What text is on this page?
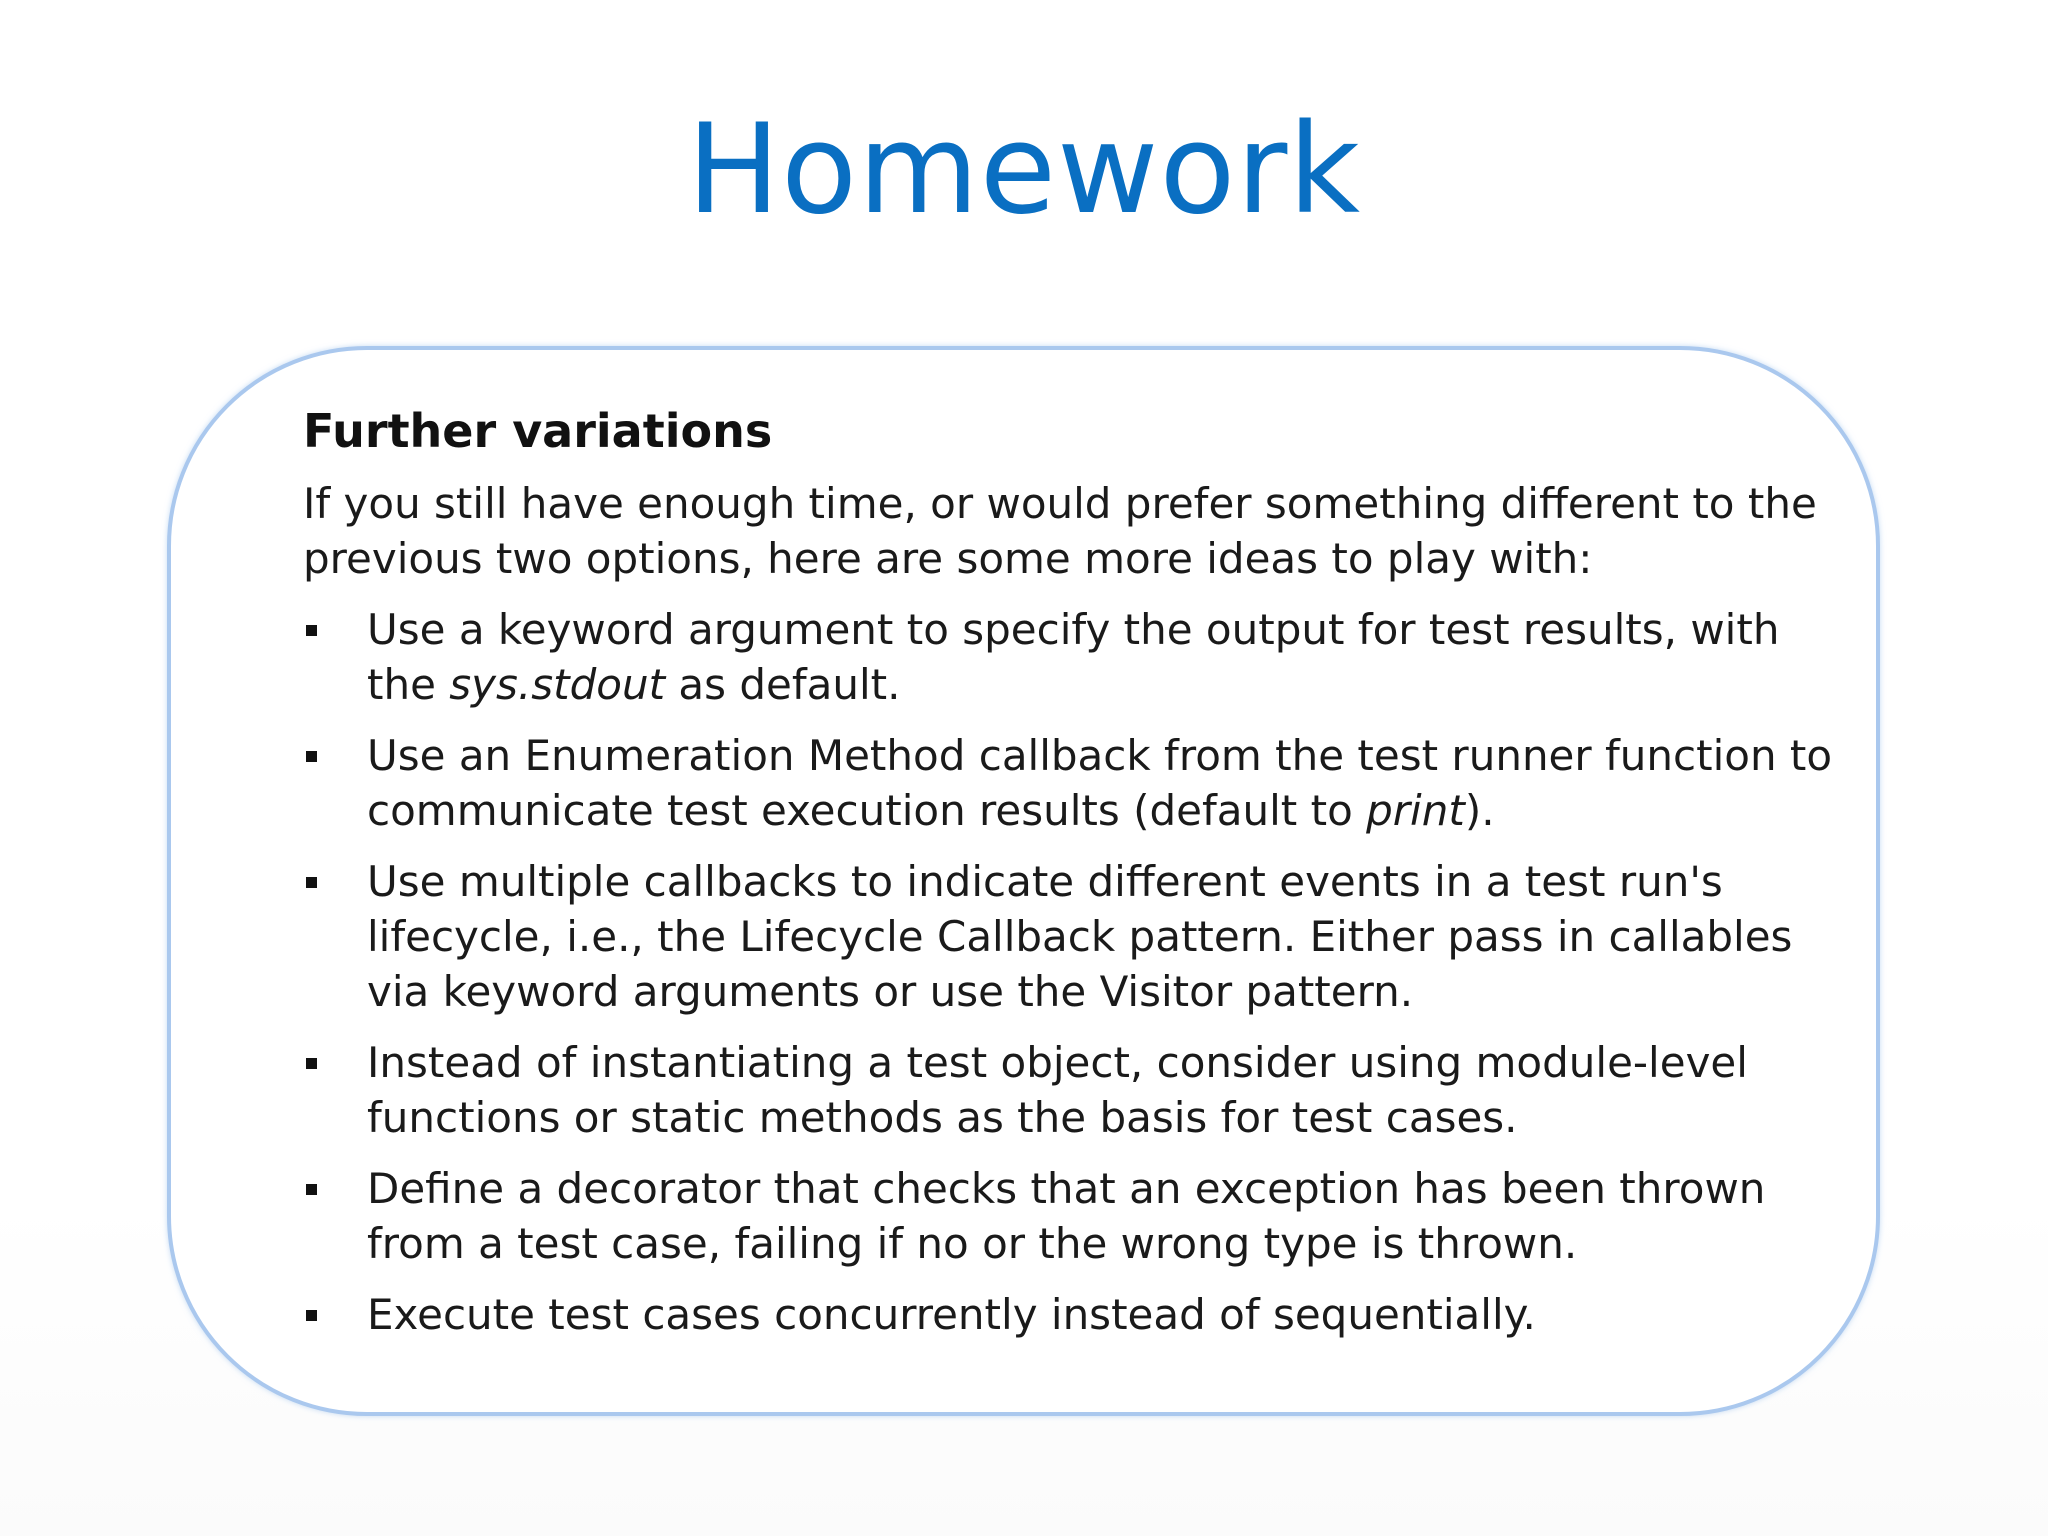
Homework
Further variations
If you still have enough time, or would prefer something different to the previous two options, here are some more ideas to play with:
Use a keyword argument to specify the output for test results, with the sys.stdout as default.
Use an Enumeration Method callback from the test runner function to communicate test execution results (default to print).
Use multiple callbacks to indicate different events in a test run's lifecycle, i.e., the Lifecycle Callback pattern. Either pass in callables via keyword arguments or use the Visitor pattern.
Instead of instantiating a test object, consider using module-level functions or static methods as the basis for test cases.
Define a decorator that checks that an exception has been thrown from a test case, failing if no or the wrong type is thrown.
Execute test cases concurrently instead of sequentially.
